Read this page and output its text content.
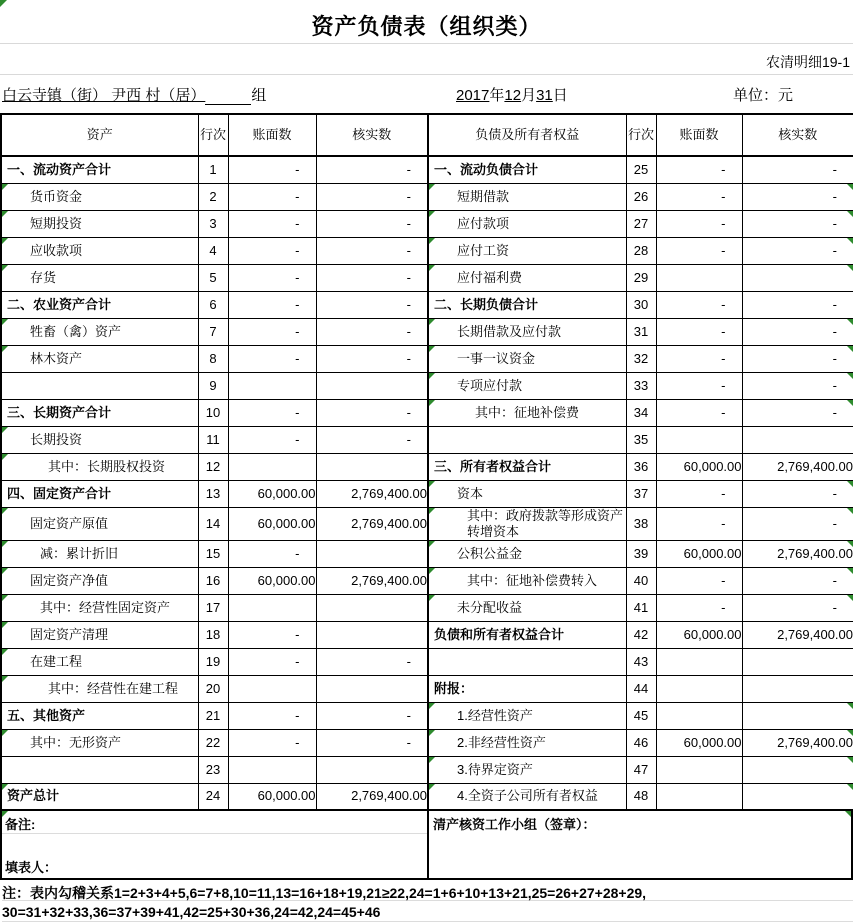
资产负债表（组织类）
农清明细19-1
白云寺镇（街） 尹西 村（居）	组	2017年12月31日	单位：元
资产	行次	账面数	核实数	负债及所有者权益	行次	账面数	核实数
一、流动资产合计	1	-	-	一、流动负债合计	25	-	-
货币资金	2	-	-	短期借款	26	-	-

短期投资	3	-	-	应付款项	27	-	-

应收款项	4	-	-	应付工资	28	-	-

存货	5	-	-	应付福利费	29		

二、农业资产合计	6	-	-	二、长期负债合计	30	-	-
牲畜（禽）资产	7	-	-	长期借款及应付款	31	-	-

林木资产	8	-	-	一事一议资金	32	-	-

	9			专项应付款	33	-	-

三、长期资产合计	10	-	-	其中：征地补偿费	34	-	-

长期投资	11	-	-		35		
其中：长期股权投资	12			三、所有者权益合计	36	60,000.00	2,769,400.00
四、固定资产合计	13	60,000.00	2,769,400.00	资本	37	-	-

固定资产原值	14	60,000.00	2,769,400.00	其中：政府拨款等形成资产转增资本	38	-	-

减：累计折旧	15	-		公积公益金	39	60,000.00	2,769,400.00

固定资产净值	16	60,000.00	2,769,400.00	其中：征地补偿费转入	40	-	-

其中：经营性固定资产	17			未分配收益	41	-	-

固定资产清理	18	-		负债和所有者权益合计	42	60,000.00	2,769,400.00
在建工程	19	-	-		43		
其中：经营性在建工程	20			附报：	44		
五、其他资产	21	-	-	1.经营性资产	45		

其中：无形资产	22	-	-	2.非经营性资产	46	60,000.00	2,769,400.00

	23			3.待界定资产	47		

资产总计	24	60,000.00	2,769,400.00	4.全资子公司所有者权益	48		
备注:
填表人：
清产核资工作小组（签章）：
注：表内勾稽关系1=2+3+4+5,6=7+8,10=11,13=16+18+19,21≥22,24=1+6+10+13+21,25=26+27+28+29,
30=31+32+33,36=37+39+41,42=25+30+36,24=42,24=45+46
